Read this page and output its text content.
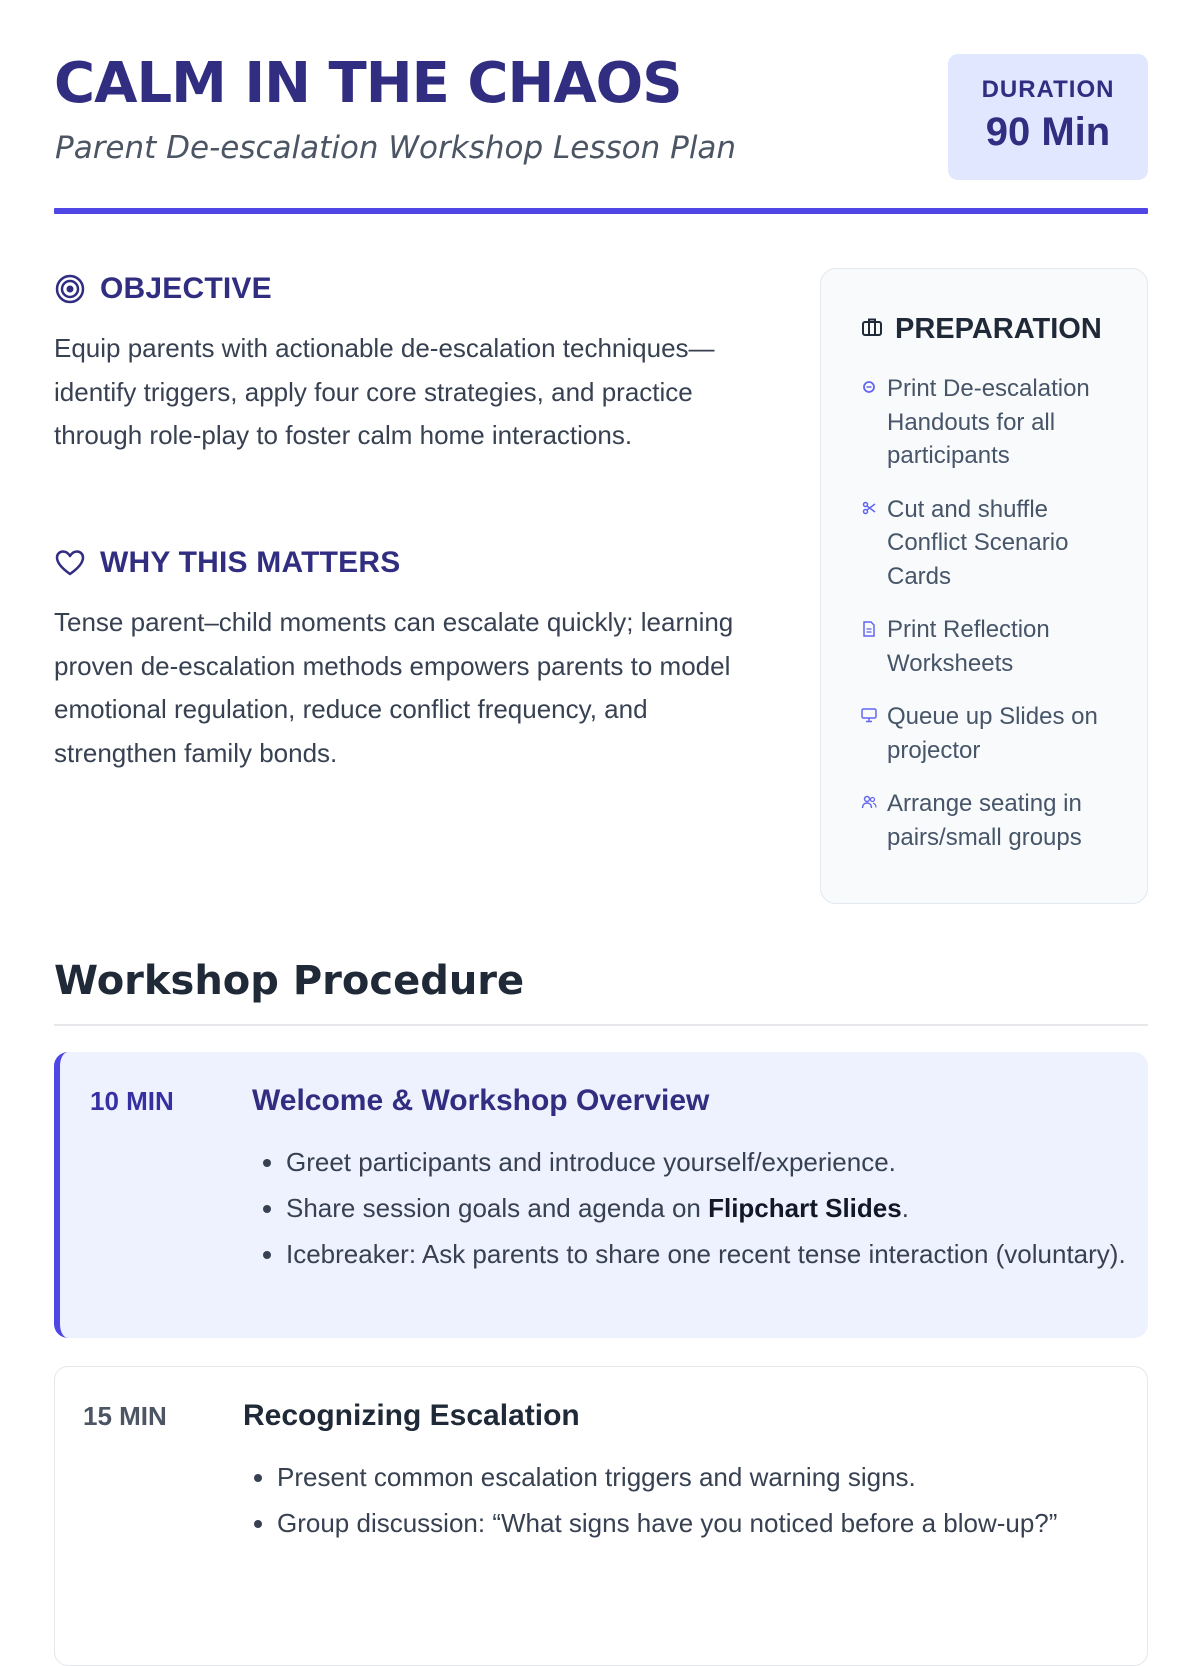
CALM IN THE CHAOS

Parent De-escalation Workshop Lesson Plan

DURATION
90 Min
OBJECTIVE

Equip parents with actionable de-escalation techniques—identify triggers, apply four core strategies, and practice through role-play to foster calm home interactions.

WHY THIS MATTERS

Tense parent–child moments can escalate quickly; learning proven de-escalation methods empowers parents to model emotional regulation, reduce conflict frequency, and strengthen family bonds.

PREPARATION
Print De-escalation Handouts for all participants
Cut and shuffle Conflict Scenario Cards
Print Reflection Worksheets
Queue up Slides on projector
Arrange seating in pairs/small groups
Workshop Procedure
10 MIN	Welcome & Workshop Overview
• Greet participants and introduce yourself/experience.
• Share session goals and agenda on Flipchart Slides.
• Icebreaker: Ask parents to share one recent tense interaction (voluntary).
15 MIN	Recognizing Escalation
• Present common escalation triggers and warning signs.
• Group discussion: “What signs have you noticed before a blow-up?”
